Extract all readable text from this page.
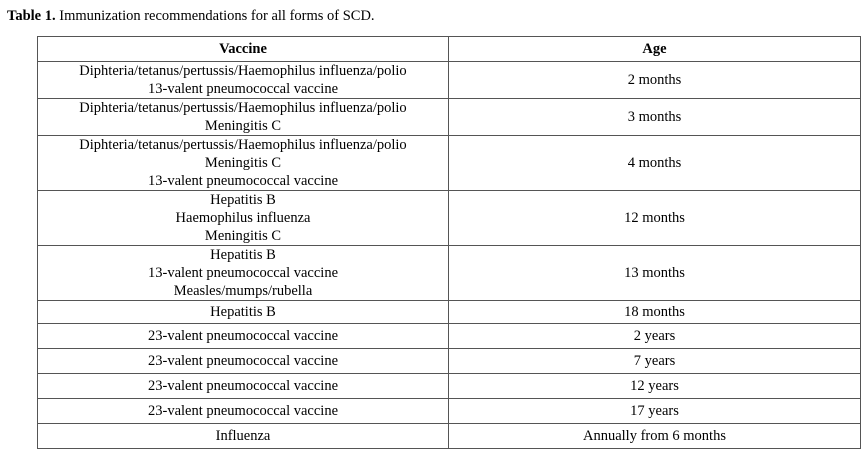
Table 1. Immunization recommendations for all forms of SCD.
Vaccine	Age

Diphteria/tetanus/pertussis/Haemophilus influenza/polio
13-valent pneumococcal vaccine	2 months

Diphteria/tetanus/pertussis/Haemophilus influenza/polio
Meningitis C	3 months

Diphteria/tetanus/pertussis/Haemophilus influenza/polio
Meningitis C
13-valent pneumococcal vaccine	4 months

Hepatitis B
Haemophilus influenza
Meningitis C	12 months

Hepatitis B
13-valent pneumococcal vaccine
Measles/mumps/rubella	13 months

Hepatitis B	18 months

23-valent pneumococcal vaccine	2 years

23-valent pneumococcal vaccine	7 years

23-valent pneumococcal vaccine	12 years

23-valent pneumococcal vaccine	17 years

Influenza	Annually from 6 months
